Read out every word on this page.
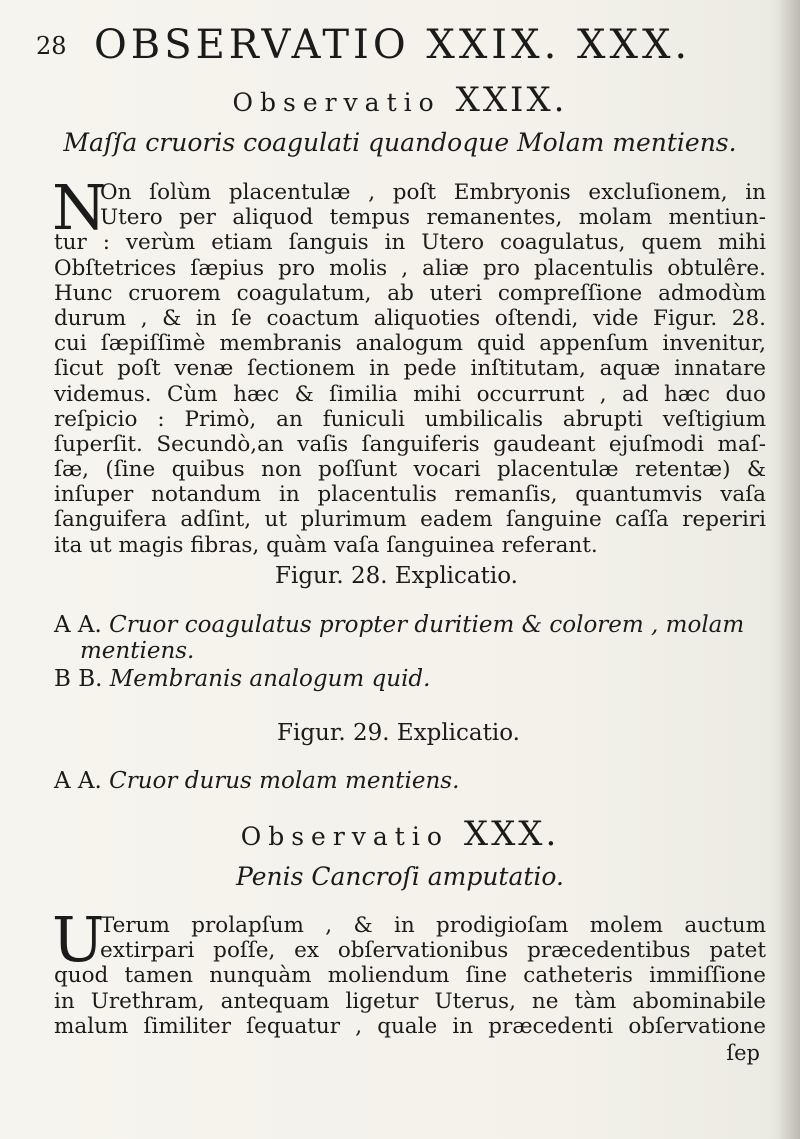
28 OBSERVATIO XXIX. XXX.
Observatio XXIX.
Maſſa cruoris coagulati quandoque Molam mentiens.
N
On ſolùm placentulæ , poſt Embryonis excluſionem, in
Utero per aliquod tempus remanentes, molam mentiun-
tur : verùm etiam ſanguis in Utero coagulatus, quem mihi
Obſtetrices ſæpius pro molis , aliæ pro placentulis obtulêre.
Hunc cruorem coagulatum, ab uteri compreſſione admodùm
durum , & in ſe coactum aliquoties oſtendi, vide Figur. 28.
cui ſæpiſſimè membranis analogum quid appenſum invenitur,
ſicut poſt venæ ſectionem in pede inſtitutam, aquæ innatare
videmus. Cùm hæc & ſimilia mihi occurrunt , ad hæc duo
reſpicio : Primò, an funiculi umbilicalis abrupti veſtigium
ſuperſit. Secundò,an vaſis ſanguiferis gaudeant ejuſmodi maſ-
ſæ, (ſine quibus non poſſunt vocari placentulæ retentæ) &
inſuper notandum in placentulis remanſis, quantumvis vaſa
ſanguifera adſint, ut plurimum eadem ſanguine caſſa reperiri
ita ut magis fibras, quàm vaſa ſanguinea referant.
Figur. 28. Explicatio.
A A. Cruor coagulatus propter duritiem & colorem , molam
mentiens.
B B. Membranis analogum quid.
Figur. 29. Explicatio.
A A. Cruor durus molam mentiens.
Observatio XXX.
Penis Cancroſi amputatio.
U
Terum prolapſum , & in prodigioſam molem auctum
extirpari poſſe, ex obſervationibus præcedentibus patet
quod tamen nunquàm moliendum ſine catheteris immiſſione
in Urethram, antequam ligetur Uterus, ne tàm abominabile
malum ſimiliter ſequatur , quale in præcedenti obſervatione
ſep
